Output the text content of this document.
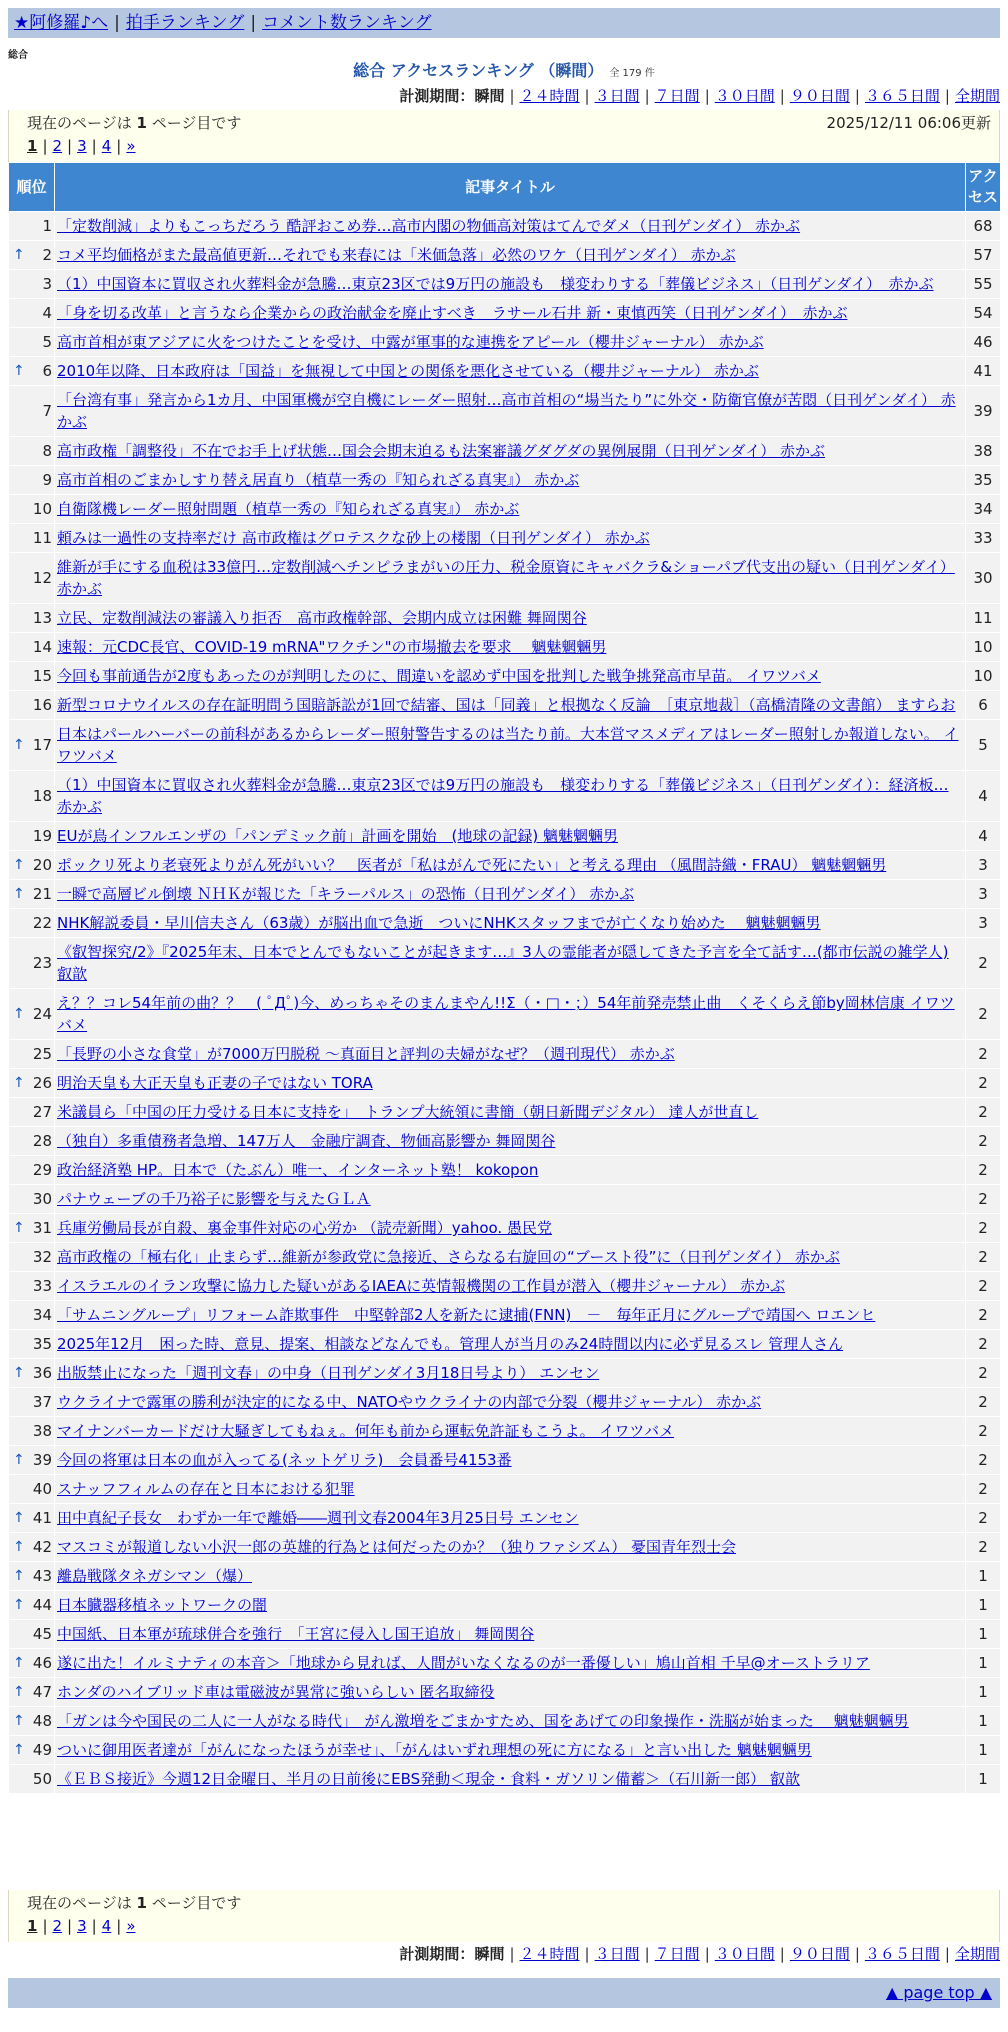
★阿修羅♪へ | 拍手ランキング | コメント数ランキング
総合
総合 アクセスランキング （瞬間） 全 179 件
計測期間：瞬間 | ２４時間 | ３日間 | ７日間 | ３０日間 | ９０日間 | ３６５日間 | 全期間
現在のページは 1 ページ目です	2025/12/11 06:06更新
1 | 2 | 3 | 4 | »
順位	記事タイトル	アクセス
1	「定数削減」よりもこっちだろう 酷評おこめ券…高市内閣の物価高対策はてんでダメ（日刊ゲンダイ） 赤かぶ	68

↑ 2	コメ平均価格がまた最高値更新…それでも来春には「米価急落」必然のワケ（日刊ゲンダイ） 赤かぶ	57
3	（1）中国資本に買収され火葬料金が急騰…東京23区では9万円の施設も　様変わりする「葬儀ビジネス」（日刊ゲンダイ）　赤かぶ	55
4	「身を切る改革」と言うなら企業からの政治献金を廃止すべき　ラサール石井 新・東慎西笑（日刊ゲンダイ）　赤かぶ	54
5	高市首相が東アジアに火をつけたことを受け、中露が軍事的な連携をアピール（櫻井ジャーナル） 赤かぶ	46

↑ 6	2010年以降、日本政府は「国益」を無視して中国との関係を悪化させている（櫻井ジャーナル） 赤かぶ	41
7	「台湾有事」発言から1カ月、中国軍機が空自機にレーダー照射…高市首相の“場当たり”に外交・防衛官僚が苦悶（日刊ゲンダイ） 赤かぶ	39
8	高市政権「調整役」不在でお手上げ状態…国会会期末迫るも法案審議グダグダの異例展開（日刊ゲンダイ） 赤かぶ	38
9	高市首相のごまかしすり替え居直り（植草一秀の『知られざる真実』） 赤かぶ	35
10	自衛隊機レーダー照射問題（植草一秀の『知られざる真実』） 赤かぶ	34
11	頼みは一過性の支持率だけ 高市政権はグロテスクな砂上の楼閣（日刊ゲンダイ） 赤かぶ	33
12	維新が手にする血税は33億円…定数削減へチンピラまがいの圧力、税金原資にキャバクラ&ショーパブ代支出の疑い（日刊ゲンダイ） 赤かぶ	30
13	立民、定数削減法の審議入り拒否　高市政権幹部、会期内成立は困難 舞岡関谷	11
14	速報：元CDC長官、COVID-19 mRNA"ワクチン"の市場撤去を要求　 魑魅魍魎男	10
15	今回も事前通告が2度もあったのが判明したのに、間違いを認めず中国を批判した戦争挑発高市早苗。 イワツバメ	10
16	新型コロナウイルスの存在証明問う国賠訴訟が1回で結審、国は「同義」と根拠なく反論　［東京地裁］（高橋清隆の文書館） ますらお	6

↑ 17	日本はパールハーバーの前科があるからレーダー照射警告するのは当たり前。大本営マスメディアはレーダー照射しか報道しない。 イワツバメ	5
18	（1）中国資本に買収され火葬料金が急騰…東京23区では9万円の施設も　様変わりする「葬儀ビジネス」（日刊ゲンダイ）：経済板… 赤かぶ	4
19	EUが鳥インフルエンザの「パンデミック前」計画を開始　(地球の記録) 魑魅魍魎男	4

↑ 20	ポックリ死より老衰死よりがん死がいい？　医者が「私はがんで死にたい」と考える理由 （風間詩織・FRAU） 魑魅魍魎男	3

↑ 21	一瞬で高層ビル倒壊 ＮＨＫが報じた「キラーパルス」の恐怖（日刊ゲンダイ） 赤かぶ	3
22	NHK解説委員・早川信夫さん（63歳）が脳出血で急逝　ついにNHKスタッフまでが亡くなり始めた　 魑魅魍魎男	3
23	《叡智探究/2》『2025年末、日本でとんでもないことが起きます…』3人の霊能者が隠してきた予言を全て話す…(都市伝説の雑学人) 叡歆	2

↑ 24	え？？コレ54年前の曲？？　( ﾟДﾟ)今、めっちゃそのまんまやん!!Σ（・□・；）54年前発売禁止曲　くそくらえ節by岡林信康 イワツバメ	2
25	「長野の小さな食堂」が7000万円脱税 ～真面目と評判の夫婦がなぜ？（週刊現代） 赤かぶ	2

↑ 26	明治天皇も大正天皇も正妻の子ではない TORA	2
27	米議員ら「中国の圧力受ける日本に支持を」　トランプ大統領に書簡（朝日新聞デジタル） 達人が世直し	2
28	（独自）多重債務者急増、147万人　金融庁調査、物価高影響か 舞岡関谷	2
29	政治経済塾 HP。日本で（たぶん）唯一、インターネット塾！ kokopon	2
30	パナウェーブの千乃裕子に影響を与えたＧＬＡ	2

↑ 31	兵庫労働局長が自殺、裏金事件対応の心労か （読売新聞）yahoo. 愚民党	2
32	高市政権の「極右化」止まらず…維新が参政党に急接近、さらなる右旋回の“ブースト役”に（日刊ゲンダイ） 赤かぶ	2
33	イスラエルのイラン攻撃に協力した疑いがあるIAEAに英情報機関の工作員が潜入（櫻井ジャーナル） 赤かぶ	2
34	「サムニングループ」リフォーム詐欺事件　中堅幹部2人を新たに逮捕(FNN)　－　毎年正月にグループで靖国へ ロエンヒ	2
35	2025年12月　困った時、意見、提案、相談などなんでも。管理人が当月のみ24時間以内に必ず見るスレ 管理人さん	2

↑ 36	出版禁止になった「週刊文春」の中身（日刊ゲンダイ3月18日号より） エンセン	2
37	ウクライナで露軍の勝利が決定的になる中、NATOやウクライナの内部で分裂（櫻井ジャーナル） 赤かぶ	2
38	マイナンバーカードだけ大騒ぎしてもねぇ。何年も前から運転免許証もこうよ。 イワツバメ	2

↑ 39	今回の将軍は日本の血が入ってる(ネットゲリラ)　会員番号4153番	2
40	スナッフフィルムの存在と日本における犯罪	2

↑ 41	田中真紀子長女　わずか一年で離婚――週刊文春2004年3月25日号 エンセン	2

↑ 42	マスコミが報道しない小沢一郎の英雄的行為とは何だったのか？（独りファシズム） 憂国青年烈士会	2

↑ 43	離島戦隊タネガシマン（爆）	1

↑ 44	日本臓器移植ネットワークの闇	1
45	中国紙、日本軍が琉球併合を強行　「王宮に侵入し国王追放」 舞岡関谷	1

↑ 46	遂に出た！イルミナティの本音＞「地球から見れば、人間がいなくなるのが一番優しい」鳩山首相 千早@オーストラリア	1

↑ 47	ホンダのハイブリッド車は電磁波が異常に強いらしい 匿名取締役	1

↑ 48	「ガンは今や国民の二人に一人がなる時代」　がん激増をごまかすため、国をあげての印象操作・洗脳が始まった　 魑魅魍魎男	1

↑ 49	ついに御用医者達が「がんになったほうが幸せ」、「がんはいずれ理想の死に方になる」と言い出した 魑魅魍魎男	1
50	《ＥＢＳ接近》今週12日金曜日、半月の日前後にEBS発動＜現金・食料・ガソリン備蓄＞（石川新一郎） 叡歆	1
現在のページは 1 ページ目です
1 | 2 | 3 | 4 | »
計測期間：瞬間 | ２４時間 | ３日間 | ７日間 | ３０日間 | ９０日間 | ３６５日間 | 全期間
▲ page top ▲
